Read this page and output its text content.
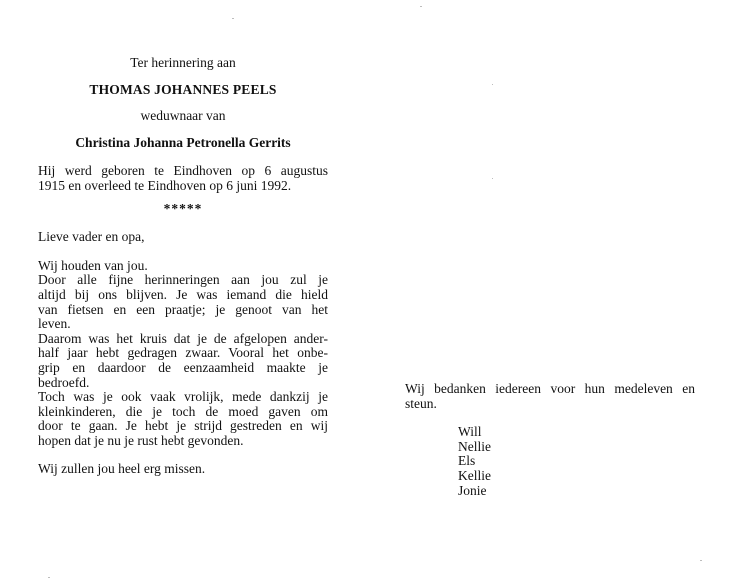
Ter herinnering aan
THOMAS JOHANNES PEELS
weduwnaar van
Christina Johanna Petronella Gerrits
Hij werd geboren te Eindhoven op 6 augustus
1915 en overleed te Eindhoven op 6 juni 1992.
*****
Lieve vader en opa,
Wij houden van jou.
Door alle fijne herinneringen aan jou zul je
altijd bij ons blijven. Je was iemand die hield
van fietsen en een praatje; je genoot van het
leven.
Daarom was het kruis dat je de afgelopen ander-
half jaar hebt gedragen zwaar. Vooral het onbe-
grip en daardoor de eenzaamheid maakte je
bedroefd.
Toch was je ook vaak vrolijk, mede dankzij je
kleinkinderen, die je toch de moed gaven om
door te gaan. Je hebt je strijd gestreden en wij
hopen dat je nu je rust hebt gevonden.
Wij zullen jou heel erg missen.
Wij bedanken iedereen voor hun medeleven en
steun.
Will
Nellie
Els
Kellie
Jonie
